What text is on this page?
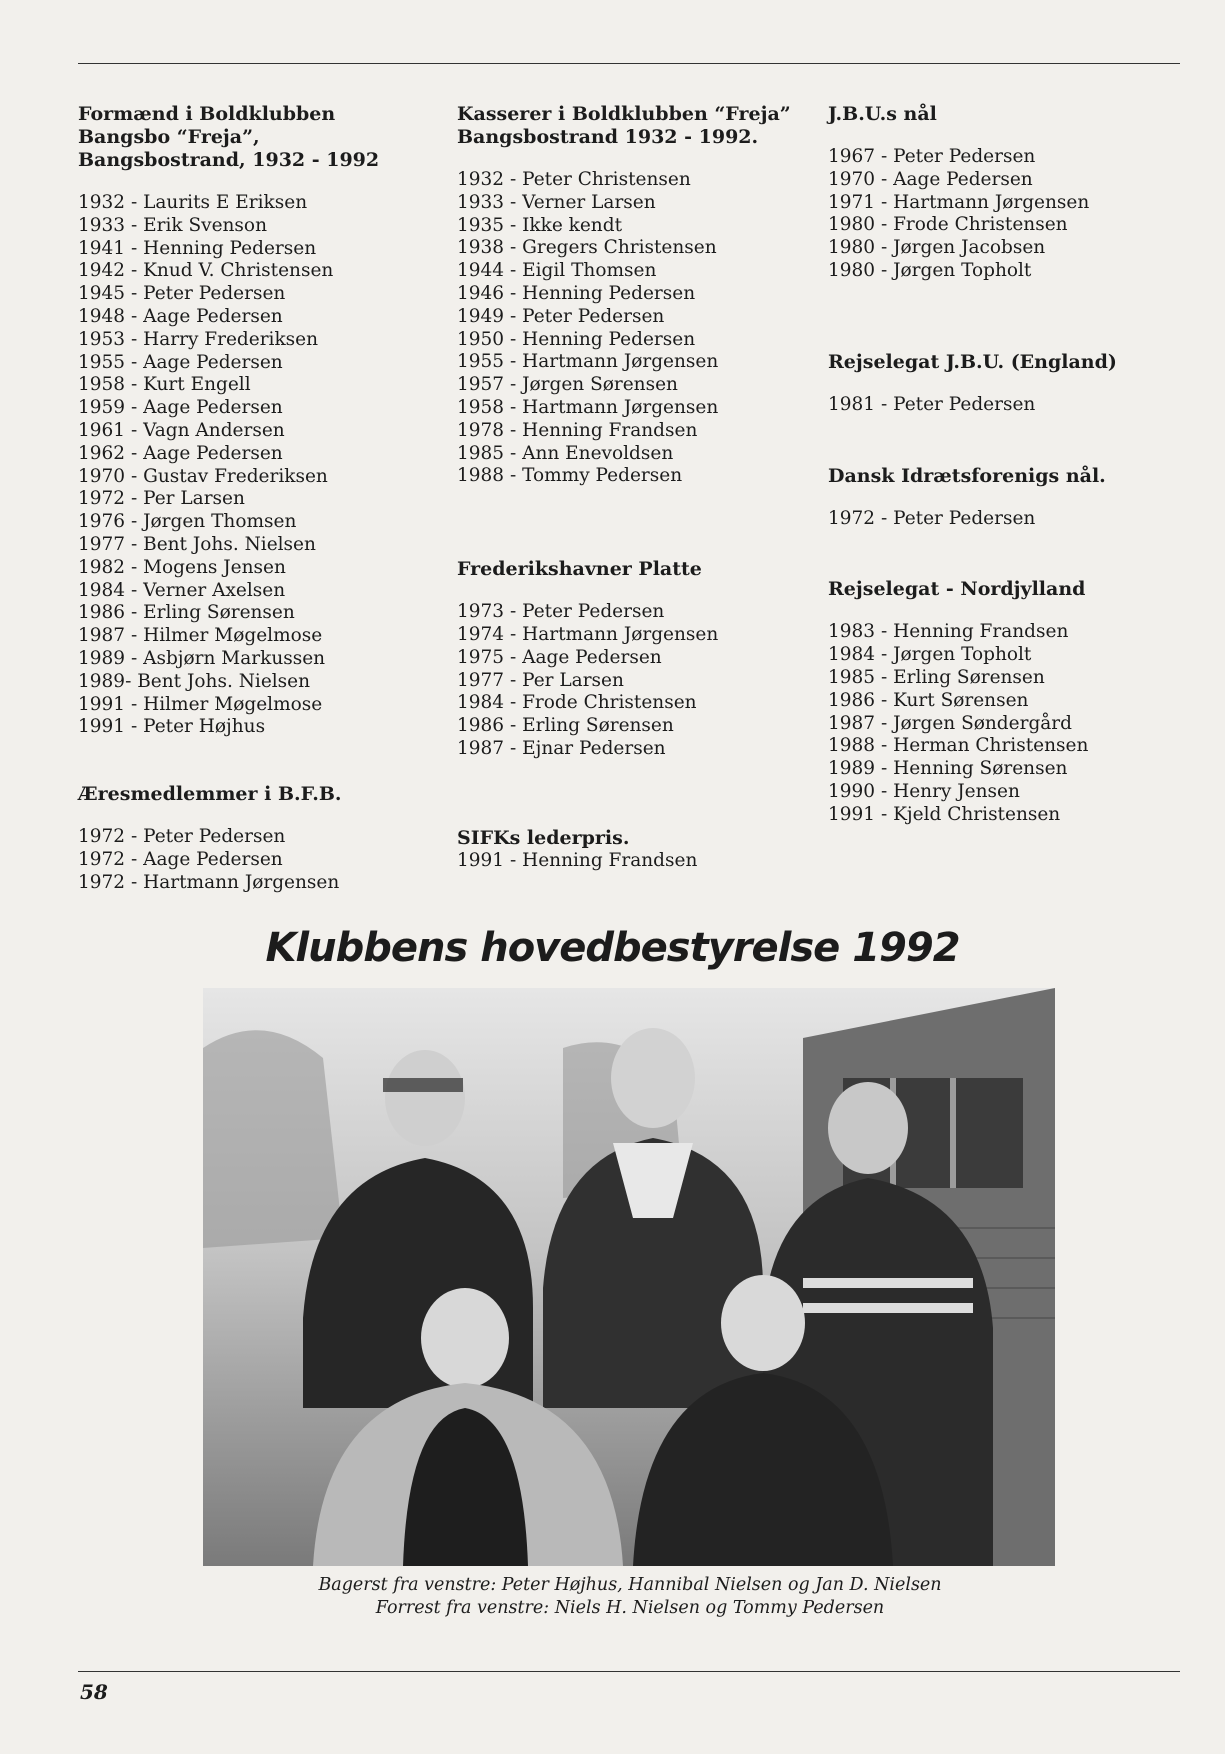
Formænd i Boldklubben
Bangsbo “Freja”,
Bangsbostrand, 1932 - 1992
1932 - Laurits E Eriksen
1933 - Erik Svenson
1941 - Henning Pedersen
1942 - Knud V. Christensen
1945 - Peter Pedersen
1948 - Aage Pedersen
1953 - Harry Frederiksen
1955 - Aage Pedersen
1958 - Kurt Engell
1959 - Aage Pedersen
1961 - Vagn Andersen
1962 - Aage Pedersen
1970 - Gustav Frederiksen
1972 - Per Larsen
1976 - Jørgen Thomsen
1977 - Bent Johs. Nielsen
1982 - Mogens Jensen
1984 - Verner Axelsen
1986 - Erling Sørensen
1987 - Hilmer Møgelmose
1989 - Asbjørn Markussen
1989- Bent Johs. Nielsen
1991 - Hilmer Møgelmose
1991 - Peter Højhus
Æresmedlemmer i B.F.B.
1972 - Peter Pedersen
1972 - Aage Pedersen
1972 - Hartmann Jørgensen
Kasserer i Boldklubben “Freja”
Bangsbostrand 1932 - 1992.
1932 - Peter Christensen
1933 - Verner Larsen
1935 - Ikke kendt
1938 - Gregers Christensen
1944 - Eigil Thomsen
1946 - Henning Pedersen
1949 - Peter Pedersen
1950 - Henning Pedersen
1955 - Hartmann Jørgensen
1957 - Jørgen Sørensen
1958 - Hartmann Jørgensen
1978 - Henning Frandsen
1985 - Ann Enevoldsen
1988 - Tommy Pedersen
Frederikshavner Platte
1973 - Peter Pedersen
1974 - Hartmann Jørgensen
1975 - Aage Pedersen
1977 - Per Larsen
1984 - Frode Christensen
1986 - Erling Sørensen
1987 - Ejnar Pedersen
SIFKs lederpris.
1991 - Henning Frandsen
J.B.U.s nål
1967 - Peter Pedersen
1970 - Aage Pedersen
1971 - Hartmann Jørgensen
1980 - Frode Christensen
1980 - Jørgen Jacobsen
1980 - Jørgen Topholt
Rejselegat J.B.U. (England)
1981 - Peter Pedersen
Dansk Idrætsforenigs nål.
1972 - Peter Pedersen
Rejselegat - Nordjylland
1983 - Henning Frandsen
1984 - Jørgen Topholt
1985 - Erling Sørensen
1986 - Kurt Sørensen
1987 - Jørgen Søndergård
1988 - Herman Christensen
1989 - Henning Sørensen
1990 - Henry Jensen
1991 - Kjeld Christensen
Klubbens hovedbestyrelse 1992
Bagerst fra venstre: Peter Højhus, Hannibal Nielsen og Jan D. Nielsen
Forrest fra venstre: Niels H. Nielsen og Tommy Pedersen
58
